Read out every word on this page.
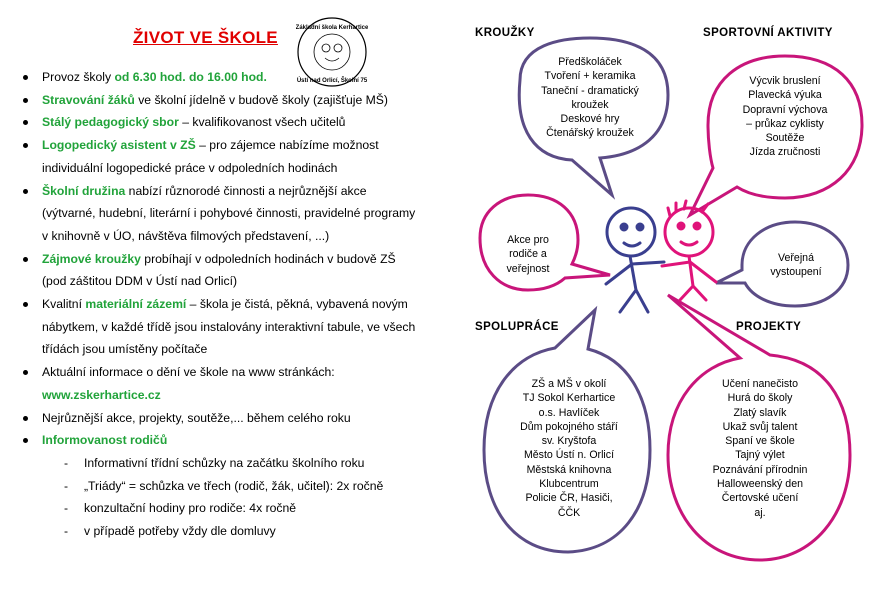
ŽIVOT VE ŠKOLE	Základní škola Kerhartice
Ústí nad Orlicí, Školní 75
Provoz školy od 6.30 hod. do 16.00 hod.
Stravování žáků ve školní jídelně v budově školy (zajišťuje MŠ)
Stálý pedagogický sbor – kvalifikovanost všech učitelů
Logopedický asistent v ZŠ – pro zájemce nabízíme možnost individuální logopedické práce v odpoledních hodinách
Školní družina nabízí různorodé činnosti a nejrůznější akce (výtvarné, hudební, literární i pohybové činnosti, pravidelné programy v knihovně v ÚO, návštěva filmových představení, ...)
Zájmové kroužky probíhají v odpoledních hodinách v budově ZŠ (pod záštitou DDM v Ústí nad Orlicí)
Kvalitní materiální zázemí – škola je čistá, pěkná, vybavená novým nábytkem, v každé třídě jsou instalovány interaktivní tabule, ve všech třídách jsou umístěny počítače
Aktuální informace o dění ve škole na www stránkách:
www.zskerhartice.cz
Nejrůznější akce, projekty, soutěže,... během celého roku
Informovanost rodičů
- Informativní třídní schůzky na začátku školního roku
- „Triády“ = schůzka ve třech (rodič, žák, učitel): 2x ročně
- konzultační hodiny pro rodiče: 4x ročně
- v případě potřeby vždy dle domluvy
KROUŽKY	SPORTOVNÍ AKTIVITY
SPOLUPRÁCE	PROJEKTY
Předškoláček
Tvoření + keramika
Taneční - dramatický
kroužek
Deskové hry
Čtenářský kroužek
Výcvik bruslení
Plavecká výuka
Dopravní výchova
– průkaz cyklisty
Soutěže
Jízda zručnosti
Akce pro
rodiče a
veřejnost
Veřejná
vystoupení
ZŠ a MŠ v okolí
TJ Sokol Kerhartice
o.s. Havlíček
Dům pokojného stáří
sv. Kryštofa
Město Ústí n. Orlicí
Městská knihovna
Klubcentrum
Policie ČR, Hasiči,
ČČK
Učení nanečisto
Hurá do školy
Zlatý slavík
Ukaž svůj talent
Spaní ve škole
Tajný výlet
Poznávání přírodnin
Halloweenský den
Čertovské učení
aj.
